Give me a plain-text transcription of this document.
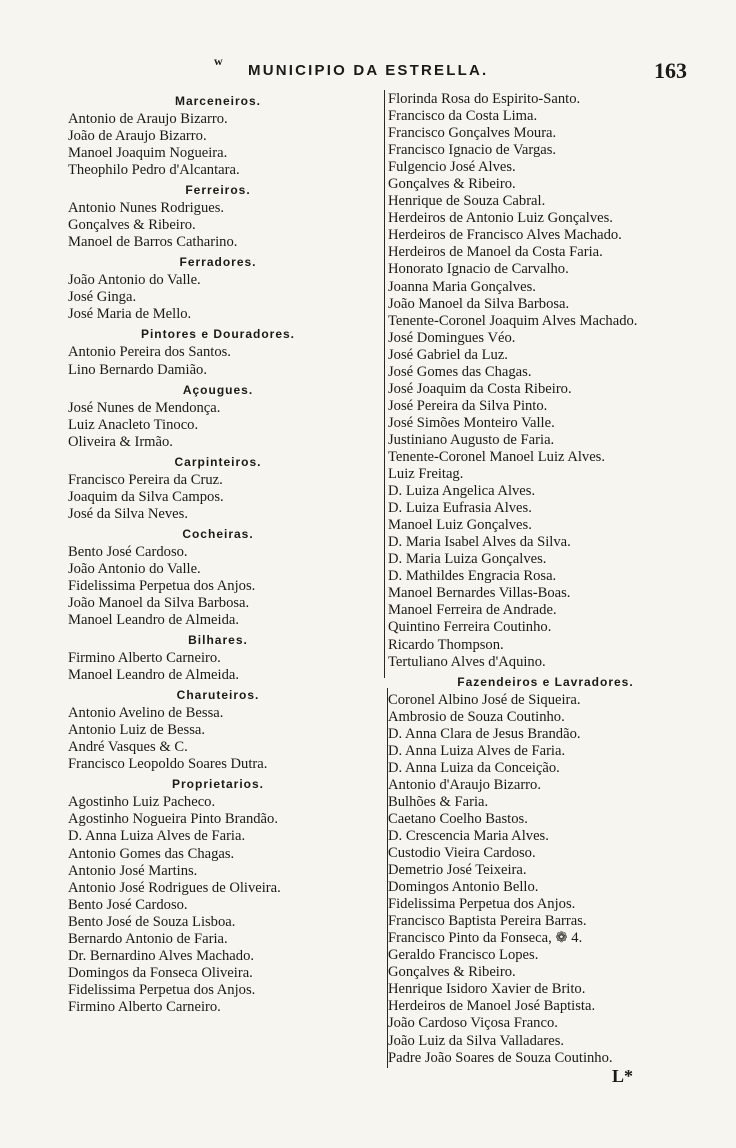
w
MUNICIPIO DA ESTRELLA.	163
Marceneiros.
Antonio de Araujo Bizarro.
João de Araujo Bizarro.
Manoel Joaquim Nogueira.
Theophilo Pedro d'Alcantara.
Ferreiros.
Antonio Nunes Rodrigues.
Gonçalves & Ribeiro.
Manoel de Barros Catharino.
Ferradores.
João Antonio do Valle.
José Ginga.
José Maria de Mello.
Pintores e Douradores.
Antonio Pereira dos Santos.
Lino Bernardo Damião.
Açougues.
José Nunes de Mendonça.
Luiz Anacleto Tinoco.
Oliveira & Irmão.
Carpinteiros.
Francisco Pereira da Cruz.
Joaquim da Silva Campos.
José da Silva Neves.
Cocheiras.
Bento José Cardoso.
João Antonio do Valle.
Fidelissima Perpetua dos Anjos.
João Manoel da Silva Barbosa.
Manoel Leandro de Almeida.
Bilhares.
Firmino Alberto Carneiro.
Manoel Leandro de Almeida.
Charuteiros.
Antonio Avelino de Bessa.
Antonio Luiz de Bessa.
André Vasques & C.
Francisco Leopoldo Soares Dutra.
Proprietarios.
Agostinho Luiz Pacheco.
Agostinho Nogueira Pinto Brandão.
D. Anna Luiza Alves de Faria.
Antonio Gomes das Chagas.
Antonio José Martins.
Antonio José Rodrigues de Oliveira.
Bento José Cardoso.
Bento José de Souza Lisboa.
Bernardo Antonio de Faria.
Dr. Bernardino Alves Machado.
Domingos da Fonseca Oliveira.
Fidelissima Perpetua dos Anjos.
Firmino Alberto Carneiro.
Florinda Rosa do Espirito-Santo.
Francisco da Costa Lima.
Francisco Gonçalves Moura.
Francisco Ignacio de Vargas.
Fulgencio José Alves.
Gonçalves & Ribeiro.
Henrique de Souza Cabral.
Herdeiros de Antonio Luiz Gonçalves.
Herdeiros de Francisco Alves Machado.
Herdeiros de Manoel da Costa Faria.
Honorato Ignacio de Carvalho.
Joanna Maria Gonçalves.
João Manoel da Silva Barbosa.
Tenente-Coronel Joaquim Alves Machado.
José Domingues Véo.
José Gabriel da Luz.
José Gomes das Chagas.
José Joaquim da Costa Ribeiro.
José Pereira da Silva Pinto.
José Simões Monteiro Valle.
Justiniano Augusto de Faria.
Tenente-Coronel Manoel Luiz Alves.
Luiz Freitag.
D. Luiza Angelica Alves.
D. Luiza Eufrasia Alves.
Manoel Luiz Gonçalves.
D. Maria Isabel Alves da Silva.
D. Maria Luiza Gonçalves.
D. Mathildes Engracia Rosa.
Manoel Bernardes Villas-Boas.
Manoel Ferreira de Andrade.
Quintino Ferreira Coutinho.
Ricardo Thompson.
Tertuliano Alves d'Aquino.
Fazendeiros e Lavradores.
Coronel Albino José de Siqueira.
Ambrosio de Souza Coutinho.
D. Anna Clara de Jesus Brandão.
D. Anna Luiza Alves de Faria.
D. Anna Luiza da Conceição.
Antonio d'Araujo Bizarro.
Bulhões & Faria.
Caetano Coelho Bastos.
D. Crescencia Maria Alves.
Custodio Vieira Cardoso.
Demetrio José Teixeira.
Domingos Antonio Bello.
Fidelissima Perpetua dos Anjos.
Francisco Baptista Pereira Barras.
Francisco Pinto da Fonseca, ❁ 4.
Geraldo Francisco Lopes.
Gonçalves & Ribeiro.
Henrique Isidoro Xavier de Brito.
Herdeiros de Manoel José Baptista.
João Cardoso Viçosa Franco.
João Luiz da Silva Valladares.
Padre João Soares de Souza Coutinho.
L*
